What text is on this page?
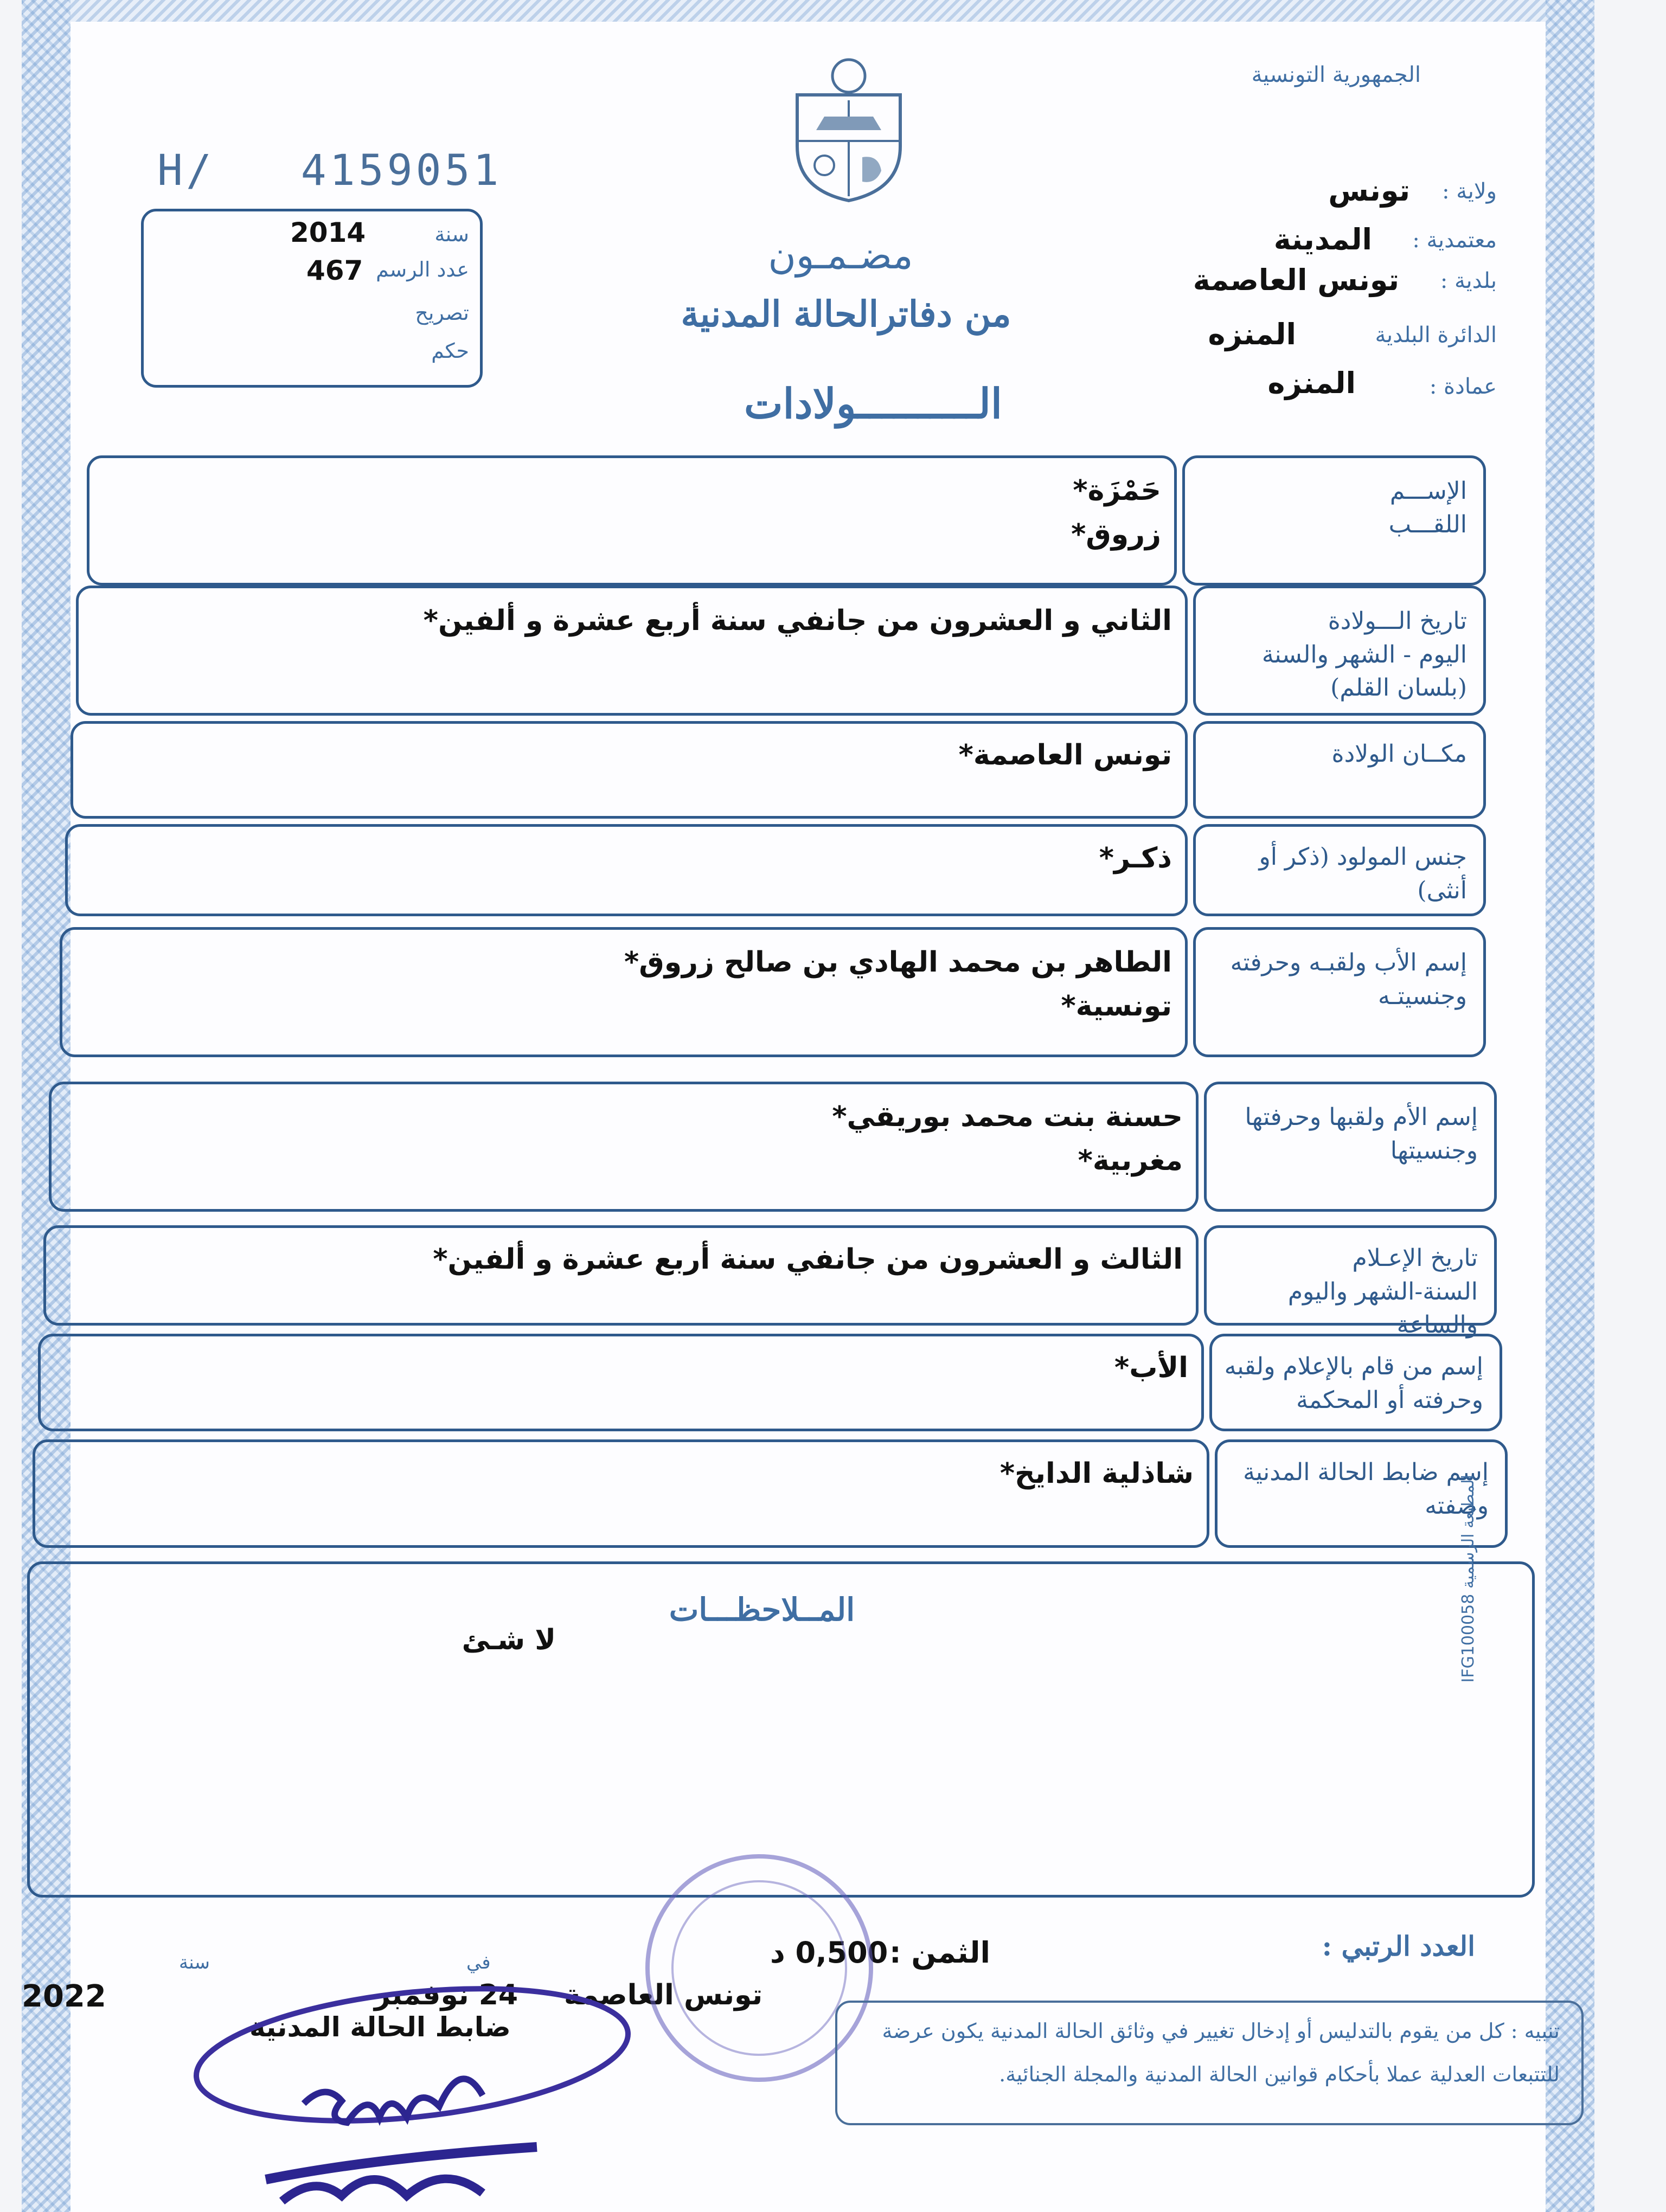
الجمهورية التونسية
H/   4159051
سنة
2014
عدد الرسم
467
تصريح
حكم
مضـمـون
من دفاترالحالة المدنية
الــــــــــولادات
ولاية :
تونس
معتمدية :
المدينة
بلدية :
تونس العاصمة
الدائرة البلدية
المنزه
عمادة :
المنزه
الإســـم
اللقـــب
حَمْزَة*
زروق*
تاريخ الـــولادة
اليوم - الشهر والسنة
(بلسان القلم)
الثاني و العشرون من جانفي سنة أربع عشرة و ألفين*
مكــان الولادة
تونس العاصمة*
جنس المولود (ذكر أو أنثى)
ذكـر*
إسم الأب ولقبـه وحرفته
وجنسيتـه
الطاهر بن محمد الهادي بن صالح زروق*
تونسية*
إسم الأم ولقبها وحرفتها
وجنسيتها
حسنة بنت محمد بوريقي*
مغربية*
تاريخ الإعـلام
السنة-الشهر واليوم والساعة
الثالث و العشرون من جانفي سنة أربع عشرة و ألفين*
إسم من قام بالإعلام ولقبه
وحرفته أو المحكمة
الأب*
إسم ضابط الحالة المدنية
وصفته
شاذلية الدايخ*
المــلاحظـــات
لا شـئ
العدد الرتبي :
الثمن :
0,500 د
في
سنة
تونس العاصمة
24 نوفمبر
2022
ضابط الحالة المدنية	تنبيه : كل من يقوم بالتدليس أو إدخال تغيير في وثائق الحالة المدنية يكون عرضة
للتتبعات العدلية عملا بأحكام قوانين الحالة المدنية والمجلة الجنائية.
المطبعة الرسمية IFG100058
